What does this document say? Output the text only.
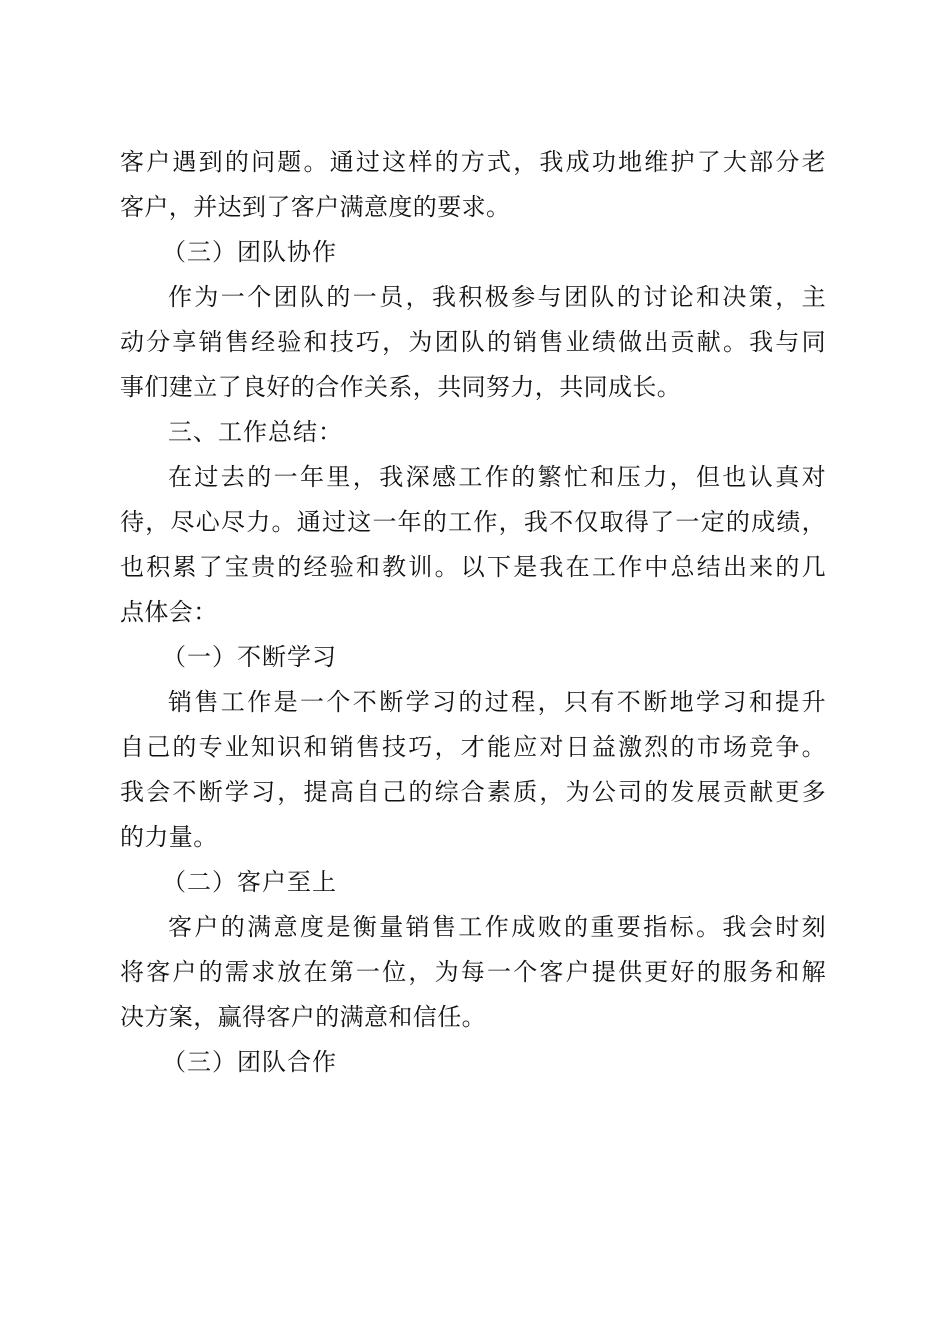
客户遇到的问题。通过这样的方式，我成功地维护了大部分老
客户，并达到了客户满意度的要求。
（三）团队协作
作为一个团队的一员，我积极参与团队的讨论和决策，主
动分享销售经验和技巧，为团队的销售业绩做出贡献。我与同
事们建立了良好的合作关系，共同努力，共同成长。
三、工作总结：
在过去的一年里，我深感工作的繁忙和压力，但也认真对
待，尽心尽力。通过这一年的工作，我不仅取得了一定的成绩，
也积累了宝贵的经验和教训。以下是我在工作中总结出来的几
点体会：
（一）不断学习
销售工作是一个不断学习的过程，只有不断地学习和提升
自己的专业知识和销售技巧，才能应对日益激烈的市场竞争。
我会不断学习，提高自己的综合素质，为公司的发展贡献更多
的力量。
（二）客户至上
客户的满意度是衡量销售工作成败的重要指标。我会时刻
将客户的需求放在第一位，为每一个客户提供更好的服务和解
决方案，赢得客户的满意和信任。
（三）团队合作
